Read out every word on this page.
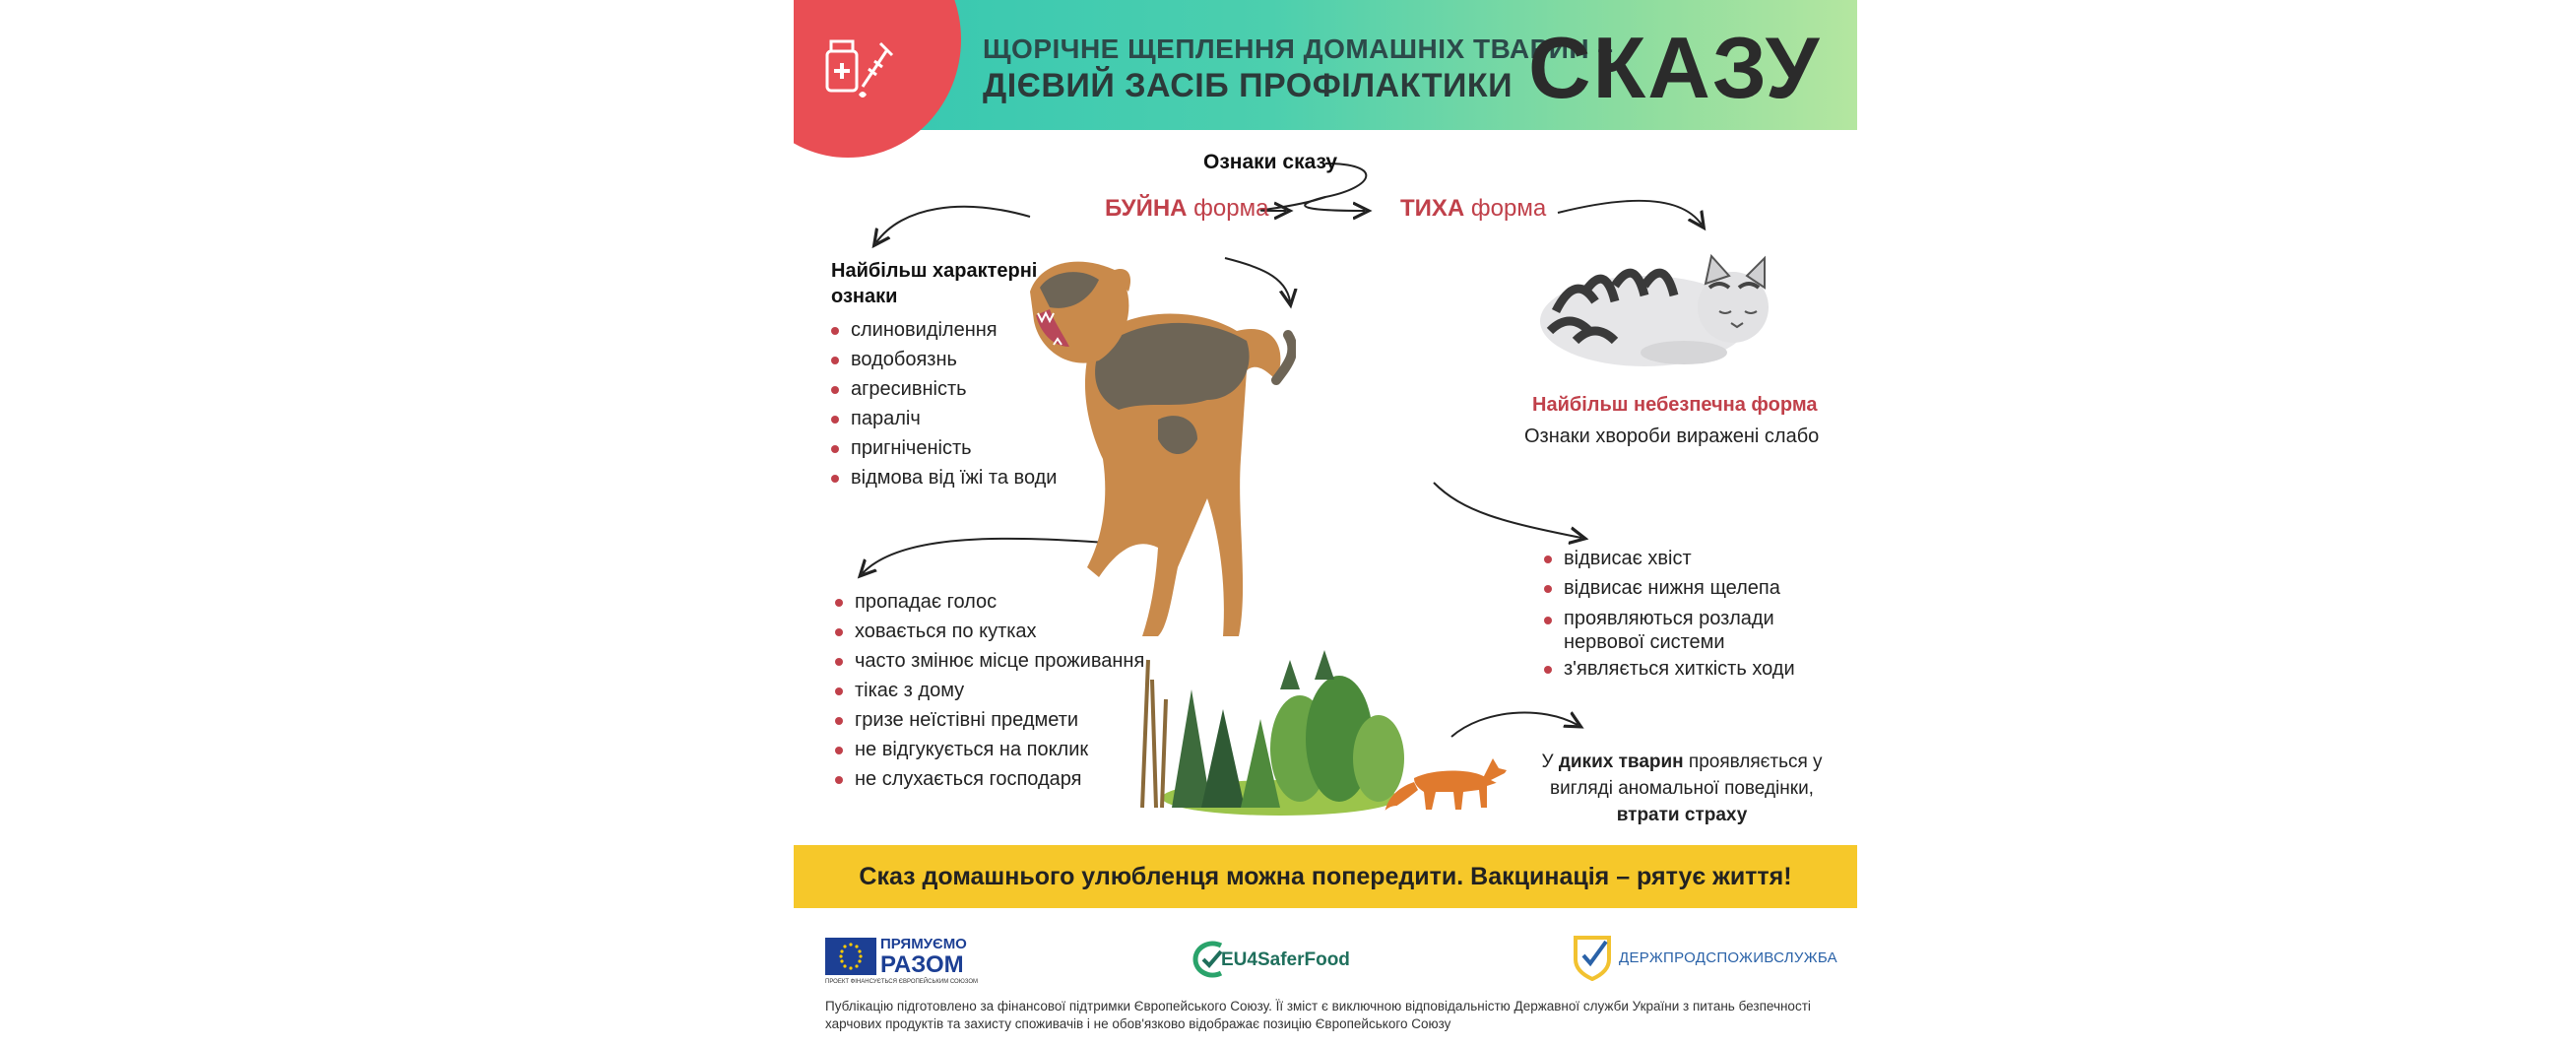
ЩОРІЧНЕ ЩЕПЛЕННЯ ДОМАШНІХ ТВАРИН –
ДІЄВИЙ ЗАСІБ ПРОФІЛАКТИКИ СКАЗУ
Ознаки сказу
БУЙНА форма	ТИХА форма
Найбільш характерні ознаки
слиновиділення
водобоязнь
агресивність
параліч
пригніченість
відмова від їжі та води
пропадає голос
ховається по кутках
часто змінює місце проживання
тікає з дому
гризе неїстівні предмети
не відгукується на поклик
не слухається господаря
Найбільш небезпечна форма
Ознаки хвороби виражені слабо
відвисає хвіст
відвисає нижня щелепа
проявляються розлади нервової системи
з'являється хиткість ходи
У диких тварин проявляється у вигляді аномальної поведінки, втрати страху
Сказ домашнього улюбленця можна попередити. Вакцинація – рятує життя!
ПРЯМУЄМО
РАЗОМ
ПРОЕКТ ФІНАНСУЄТЬСЯ ЄВРОПЕЙСЬКИМ СОЮЗОМ
EU4SaferFood	ДЕРЖПРОДСПОЖИВСЛУЖБА
Публікацію підготовлено за фінансової підтримки Європейського Союзу. Її зміст є виключною відповідальністю Державної служби України з питань безпечності харчових продуктів та захисту споживачів і не обов'язково відображає позицію Європейського Союзу
